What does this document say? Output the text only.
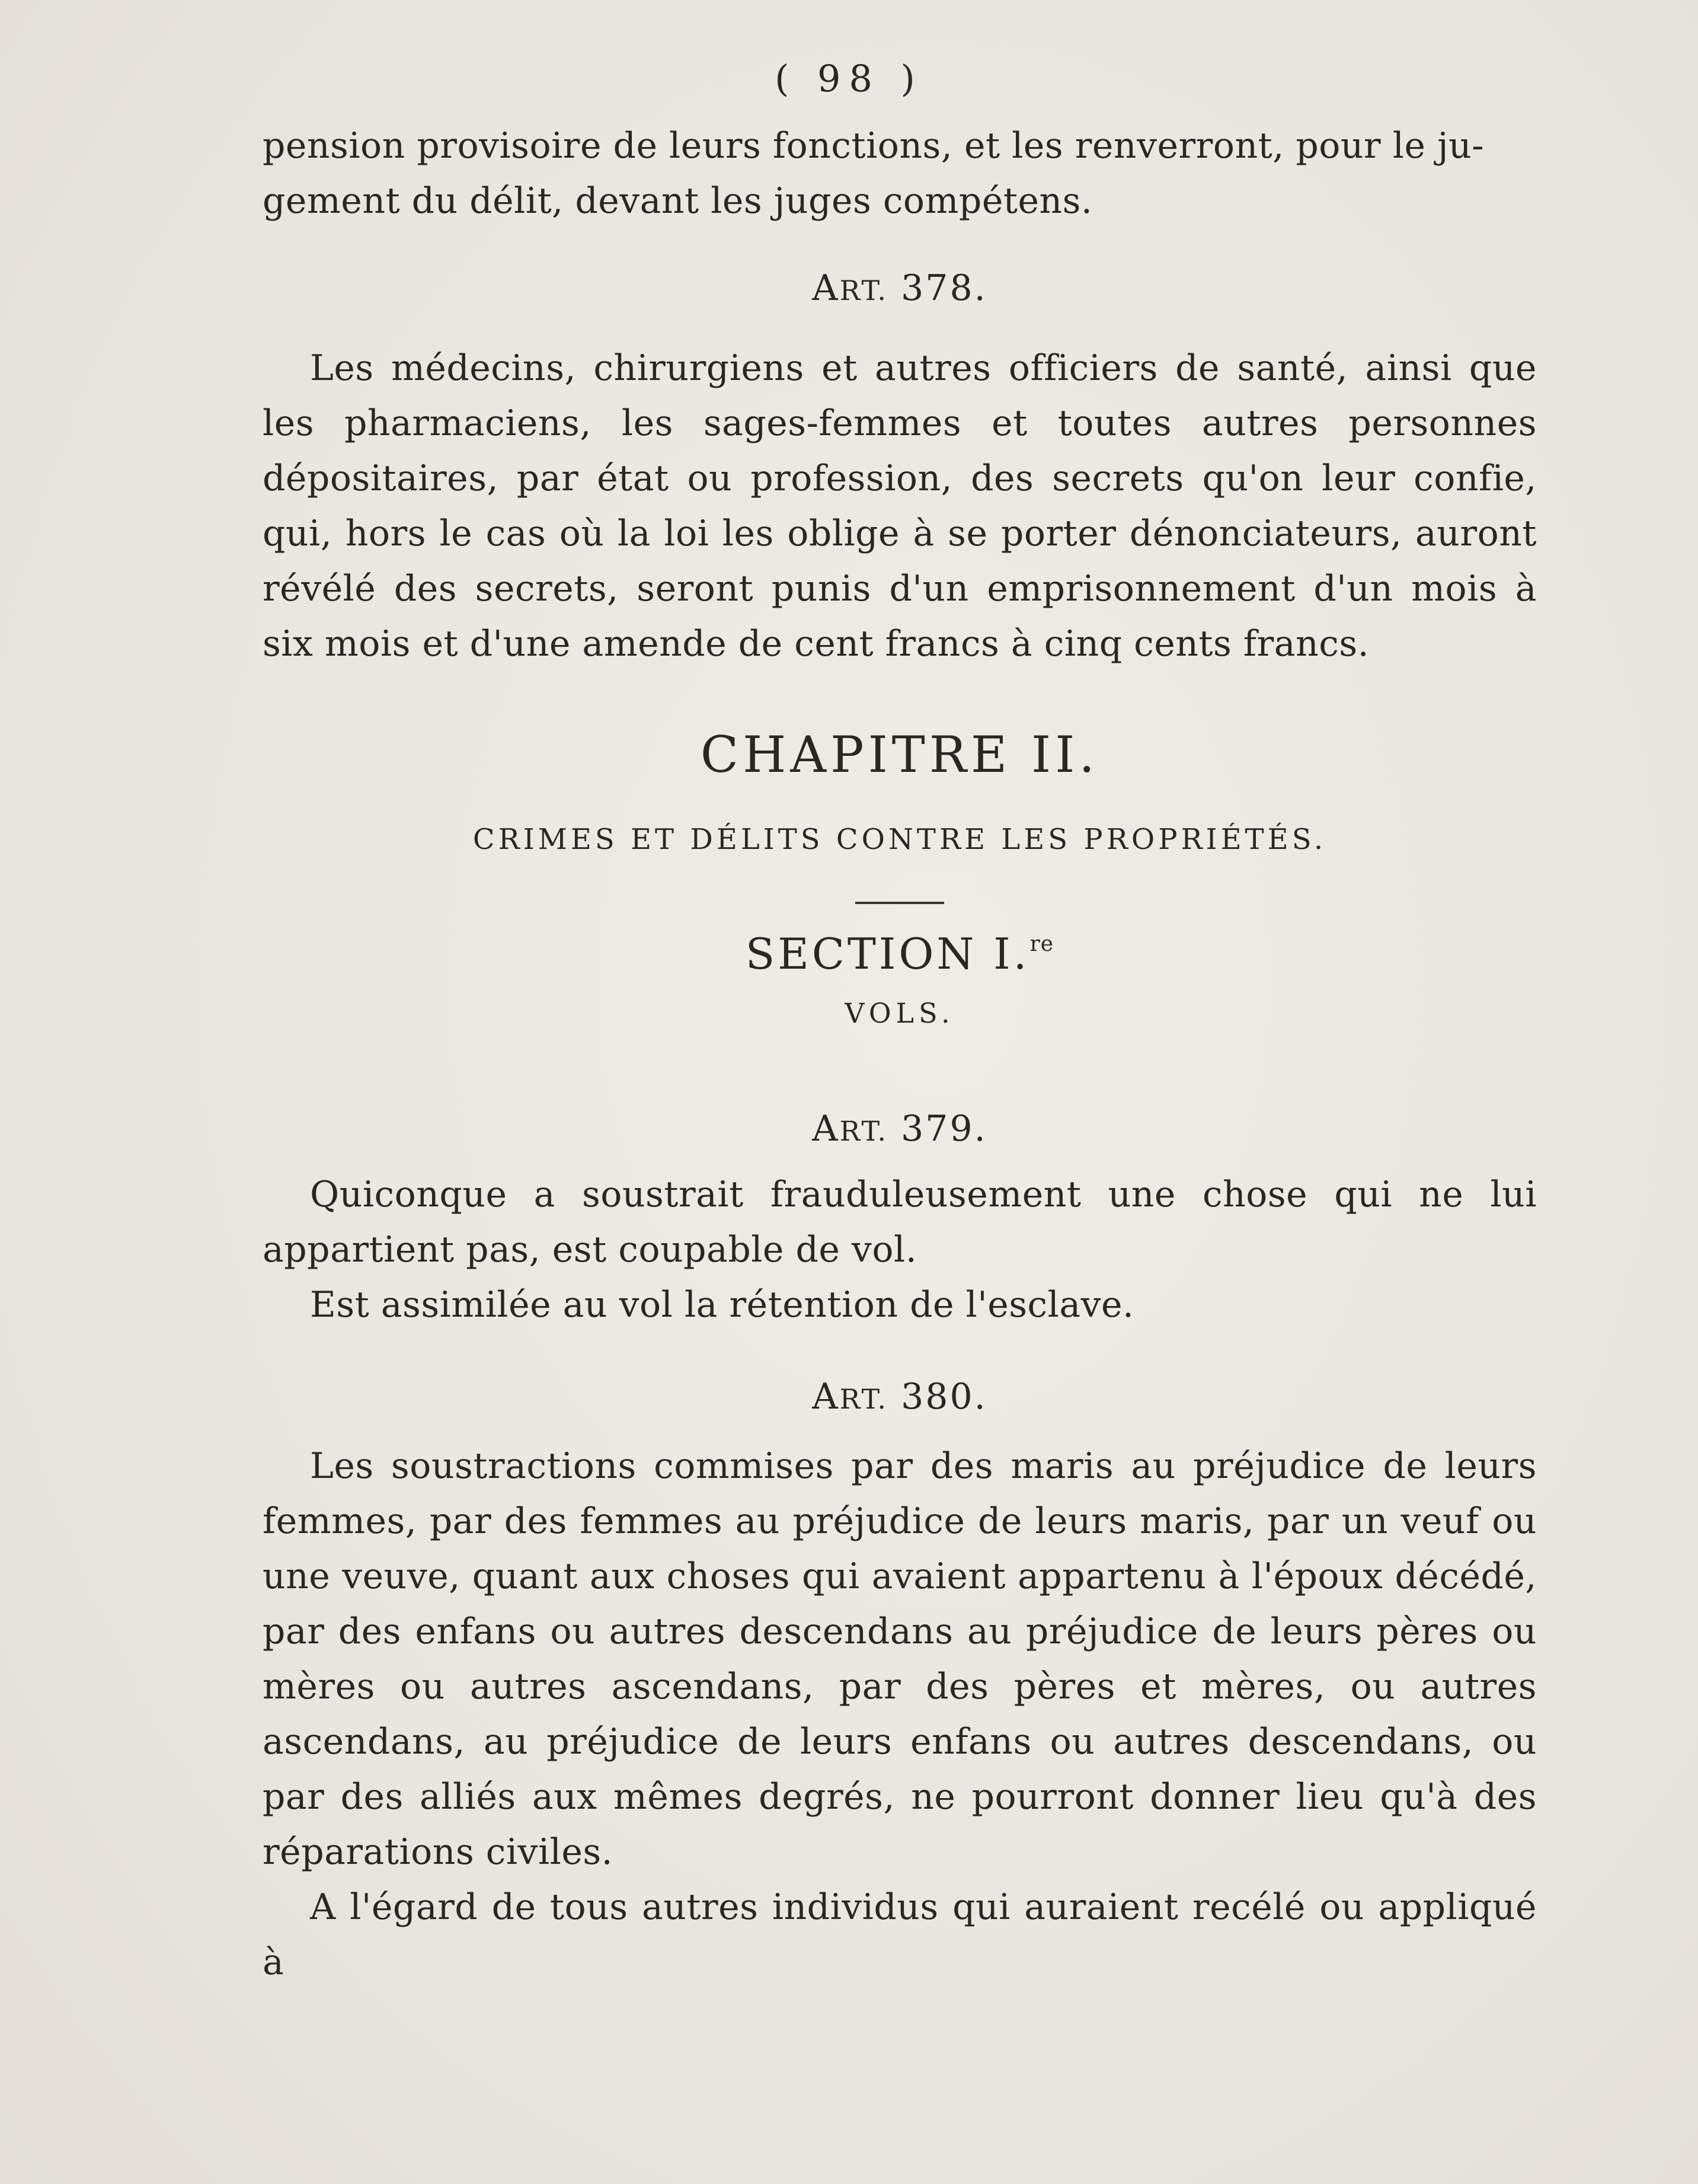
( 98 )

pension provisoire de leurs fonctions, et les renverront, pour le ju-

gement du délit, devant les juges compétens.

ART. 378.

Les médecins, chirurgiens et autres officiers de santé, ainsi que les pharmaciens, les sages-femmes et toutes autres personnes dépositaires, par état ou profession, des secrets qu'on leur confie, qui, hors le cas où la loi les oblige à se porter dénonciateurs, auront révélé des secrets, seront punis d'un emprisonnement d'un mois à six mois et d'une amende de cent francs à cinq cents francs.

CHAPITRE II.

CRIMES ET DÉLITS CONTRE LES PROPRIÉTÉS.

SECTION I.$^{re}$

VOLS.

ART. 379.

Quiconque a soustrait frauduleusement une chose qui ne lui appartient pas, est coupable de vol.

Est assimilée au vol la rétention de l'esclave.

ART. 380.

Les soustractions commises par des maris au préjudice de leurs femmes, par des femmes au préjudice de leurs maris, par un veuf ou une veuve, quant aux choses qui avaient appartenu à l'époux décédé, par des enfans ou autres descendans au préjudice de leurs pères ou mères ou autres ascendans, par des pères et mères, ou autres ascendans, au préjudice de leurs enfans ou autres descendans, ou par des alliés aux mêmes degrés, ne pourront donner lieu qu'à des réparations civiles.

A l'égard de tous autres individus qui auraient recélé ou appliqué à
